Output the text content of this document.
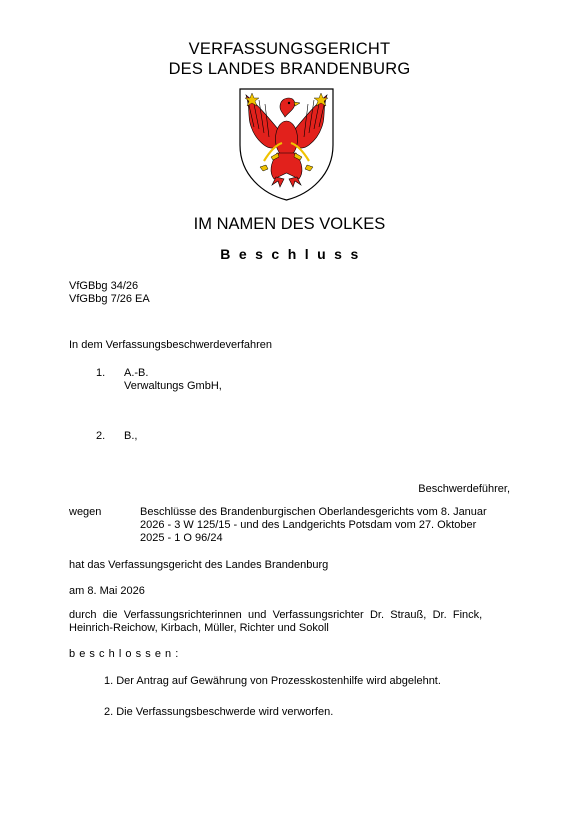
VERFASSUNGSGERICHT
DES LANDES BRANDENBURG
IM NAMEN DES VOLKES
Beschluss
VfGBbg 34/26
VfGBbg 7/26 EA
In dem Verfassungsbeschwerdeverfahren
1. A.-B.
Verwaltungs GmbH,
2. B.,
Beschwerdeführer,
wegen	Beschlüsse des Brandenburgischen Oberlandesgerichts vom 8. Januar
2026 - 3 W 125/15 - und des Landgerichts Potsdam vom 27. Oktober
2025 - 1 O 96/24
hat das Verfassungsgericht des Landes Brandenburg
am 8. Mai 2026
durch die Verfassungsrichterinnen und Verfassungsrichter Dr. Strauß, Dr. Finck,
Heinrich-Reichow, Kirbach, Müller, Richter und Sokoll
beschlossen:
1. Der Antrag auf Gewährung von Prozesskostenhilfe wird abgelehnt.
2. Die Verfassungsbeschwerde wird verworfen.
